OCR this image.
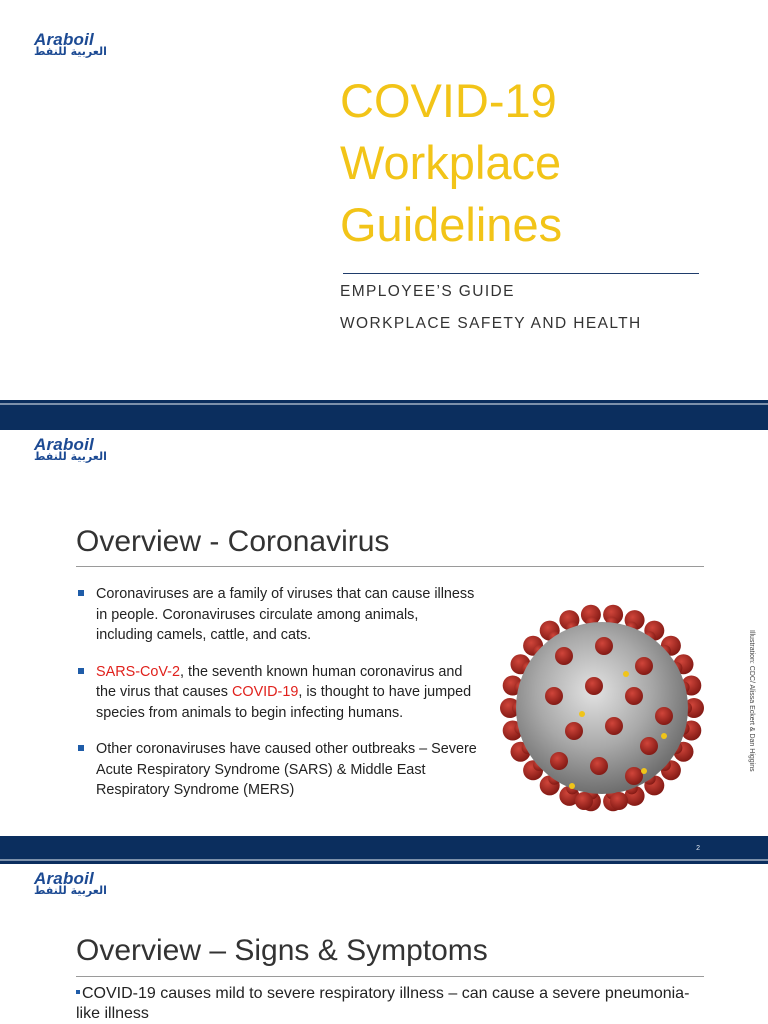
Araboil
العربية للنفط
COVID-19
Workplace
Guidelines
EMPLOYEE’S GUIDE
WORKPLACE SAFETY AND HEALTH
Araboil
العربية للنفط
Overview - Coronavirus
Coronaviruses are a family of viruses that can cause illness in people. Coronaviruses circulate among animals, including camels, cattle, and cats.
SARS-CoV-2, the seventh known human coronavirus and the virus that causes COVID-19, is thought to have jumped species from animals to begin infecting humans.
Other coronaviruses have caused other outbreaks – Severe Acute Respiratory Syndrome (SARS) & Middle East Respiratory Syndrome (MERS)
Illustration: CDC/ Alissa Eckert & Dan Higgins
2
Araboil
العربية للنفط
Overview – Signs & Symptoms
COVID-19 causes mild to severe respiratory illness – can cause a severe pneumonia-like illness
